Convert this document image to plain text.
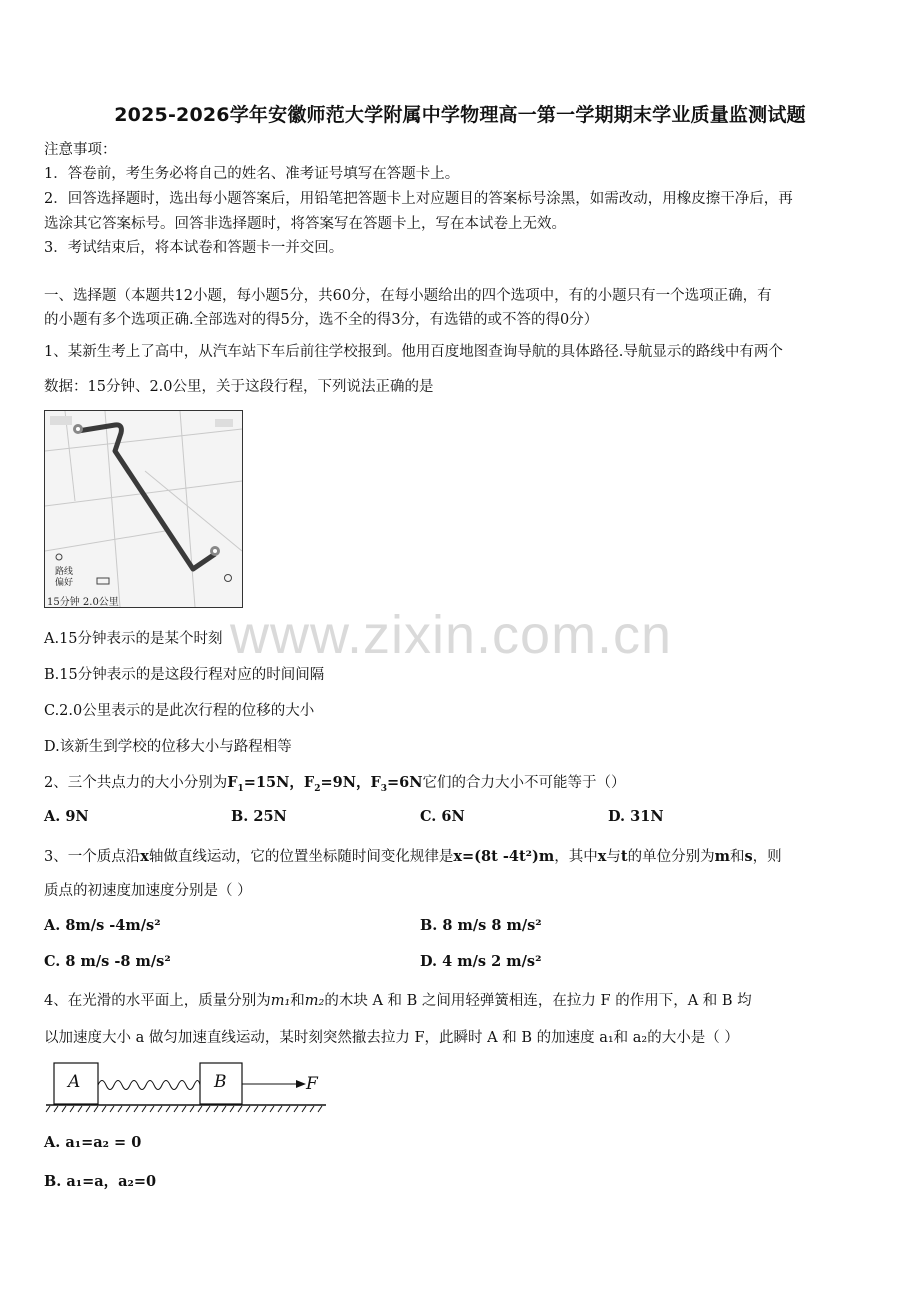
2025-2026学年安徽师范大学附属中学物理高一第一学期期末学业质量监测试题
注意事项：
1．答卷前，考生务必将自己的姓名、准考证号填写在答题卡上。
2．回答选择题时，选出每小题答案后，用铅笔把答题卡上对应题目的答案标号涂黑，如需改动，用橡皮擦干净后，再
选涂其它答案标号。回答非选择题时，将答案写在答题卡上，写在本试卷上无效。
3．考试结束后，将本试卷和答题卡一并交回。
一、选择题（本题共12小题，每小题5分，共60分，在每小题给出的四个选项中，有的小题只有一个选项正确，有
的小题有多个选项正确.全部选对的得5分，选不全的得3分，有选错的或不答的得0分）
1、某新生考上了高中，从汽车站下车后前往学校报到。他用百度地图查询导航的具体路径.导航显示的路线中有两个
数据：15分钟、2.0公里，关于这段行程，下列说法正确的是
路线
偏好
15分钟 2.0公里
www.zixin.com.cn
A.15分钟表示的是某个时刻
B.15分钟表示的是这段行程对应的时间间隔
C.2.0公里表示的是此次行程的位移的大小
D.该新生到学校的位移大小与路程相等
2、三个共点力的大小分别为$F_1=15N$，$F_2=9N$，$F_3=6N$它们的合力大小不可能等于（）
A. 9N	B. 25N	C. 6N	D. 31N
3、一个质点沿x轴做直线运动，它的位置坐标随时间变化规律是x=(8t -4t²)m，其中x与t的单位分别为m和s，则
质点的初速度加速度分别是（ ）
A. 8m/s -4m/s²	B. 8 m/s 8 m/s²
C. 8 m/s -8 m/s²	D. 4 m/s 2 m/s²
4、在光滑的水平面上，质量分别为m₁和m₂的木块 A 和 B 之间用轻弹簧相连，在拉力 F 的作用下，A 和 B 均
以加速度大小 a 做匀加速直线运动，某时刻突然撤去拉力 F，此瞬时 A 和 B 的加速度 a₁和 a₂的大小是（ ）
A	B	F
A. a₁=a₂ = 0
B. a₁=a，a₂=0
